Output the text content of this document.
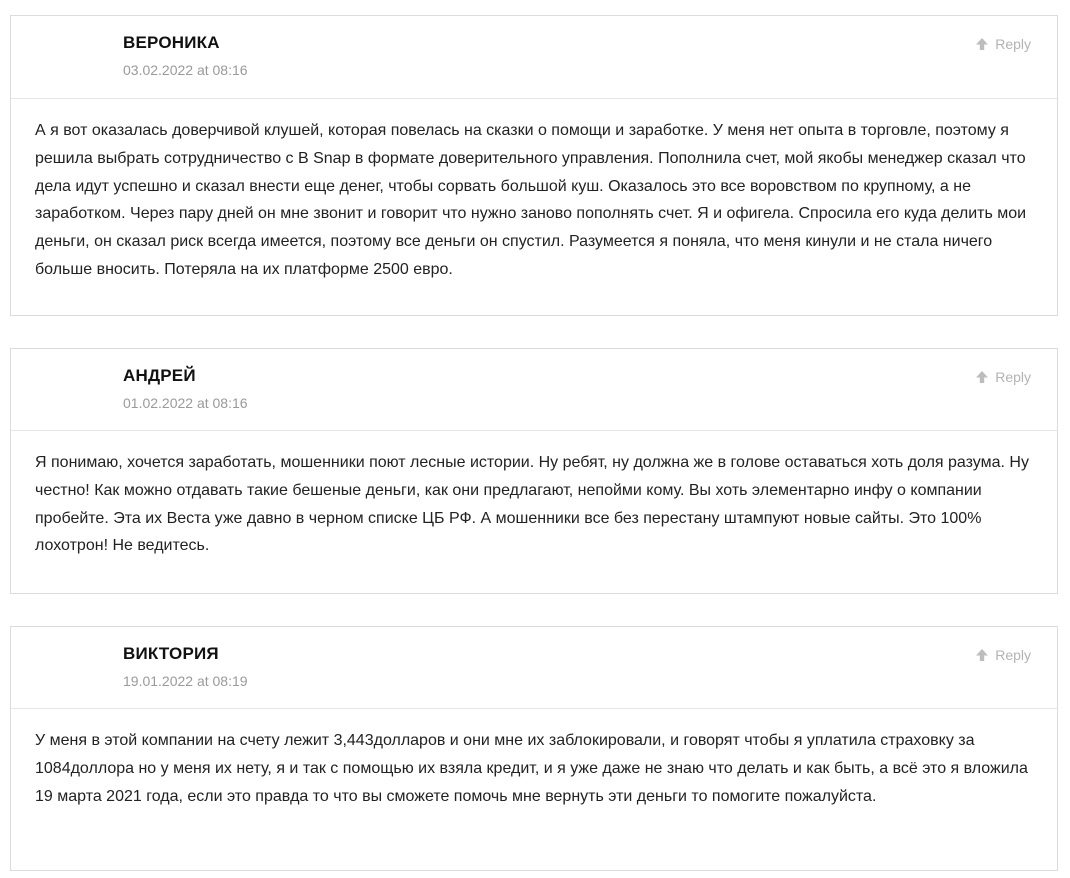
ВЕРОНИКА
03.02.2022 at 08:16
Reply
А я вот оказалась доверчивой клушей, которая повелась на сказки о помощи и заработке. У меня нет опыта в торговле, поэтому я решила выбрать сотрудничество с B Snap в формате доверительного управления. Пополнила счет, мой якобы менеджер сказал что дела идут успешно и сказал внести еще денег, чтобы сорвать большой куш. Оказалось это все воровством по крупному, а не заработком. Через пару дней он мне звонит и говорит что нужно заново пополнять счет. Я и офигела. Спросила его куда делить мои деньги, он сказал риск всегда имеется, поэтому все деньги он спустил. Разумеется я поняла, что меня кинули и не стала ничего больше вносить. Потеряла на их платформе 2500 евро.
АНДРЕЙ
01.02.2022 at 08:16
Reply
Я понимаю, хочется заработать, мошенники поют лесные истории. Ну ребят, ну должна же в голове оставаться хоть доля разума. Ну честно! Как можно отдавать такие бешеные деньги, как они предлагают, непойми кому. Вы хоть элементарно инфу о компании пробейте. Эта их Веста уже давно в черном списке ЦБ РФ. А мошенники все без перестану штампуют новые сайты. Это 100% лохотрон! Не ведитесь.
ВИКТОРИЯ
19.01.2022 at 08:19
Reply
У меня в этой компании на счету лежит 3,443долларов и они мне их заблокировали, и говорят чтобы я уплатила страховку за 1084доллора но у меня их нету, я и так с помощью их взяла кредит, и я уже даже не знаю что делать и как быть, а всё это я вложила 19 марта 2021 года, если это правда то что вы сможете помочь мне вернуть эти деньги то помогите пожалуйста.
